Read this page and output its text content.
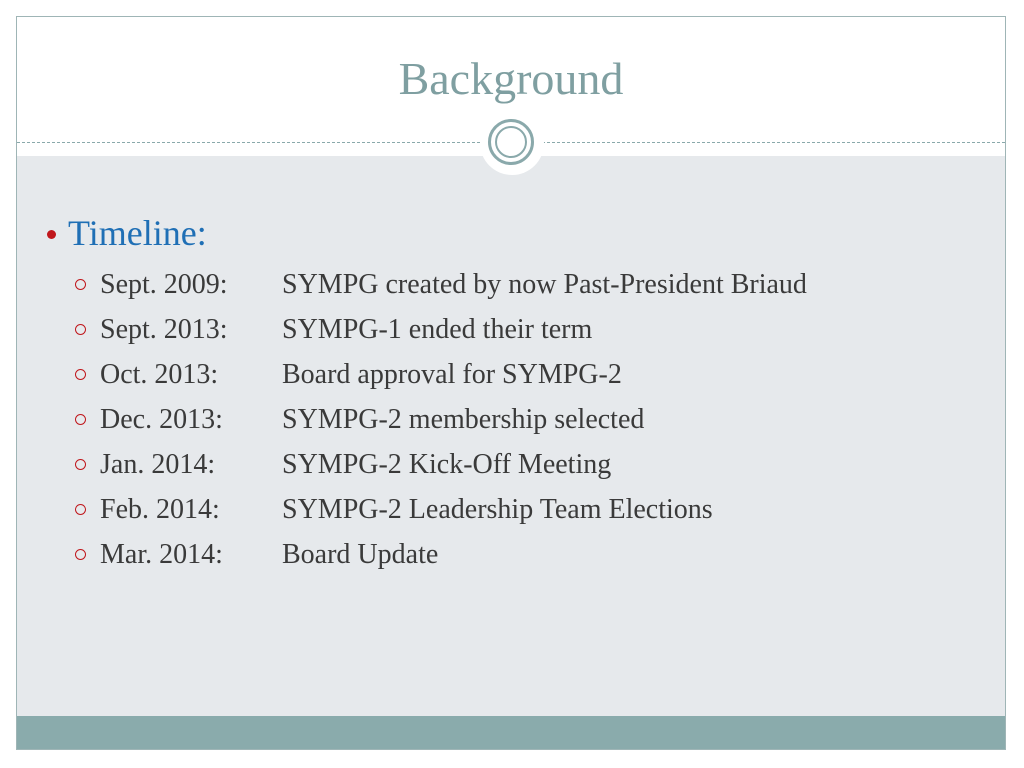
Background
Timeline:
Sept. 2009:	SYMPG created by now Past-President Briaud
Sept. 2013:	SYMPG-1 ended their term
Oct. 2013:	Board approval for SYMPG-2
Dec. 2013:	SYMPG-2 membership selected
Jan. 2014:	SYMPG-2 Kick-Off Meeting
Feb. 2014:	SYMPG-2 Leadership Team Elections
Mar. 2014:	Board Update
